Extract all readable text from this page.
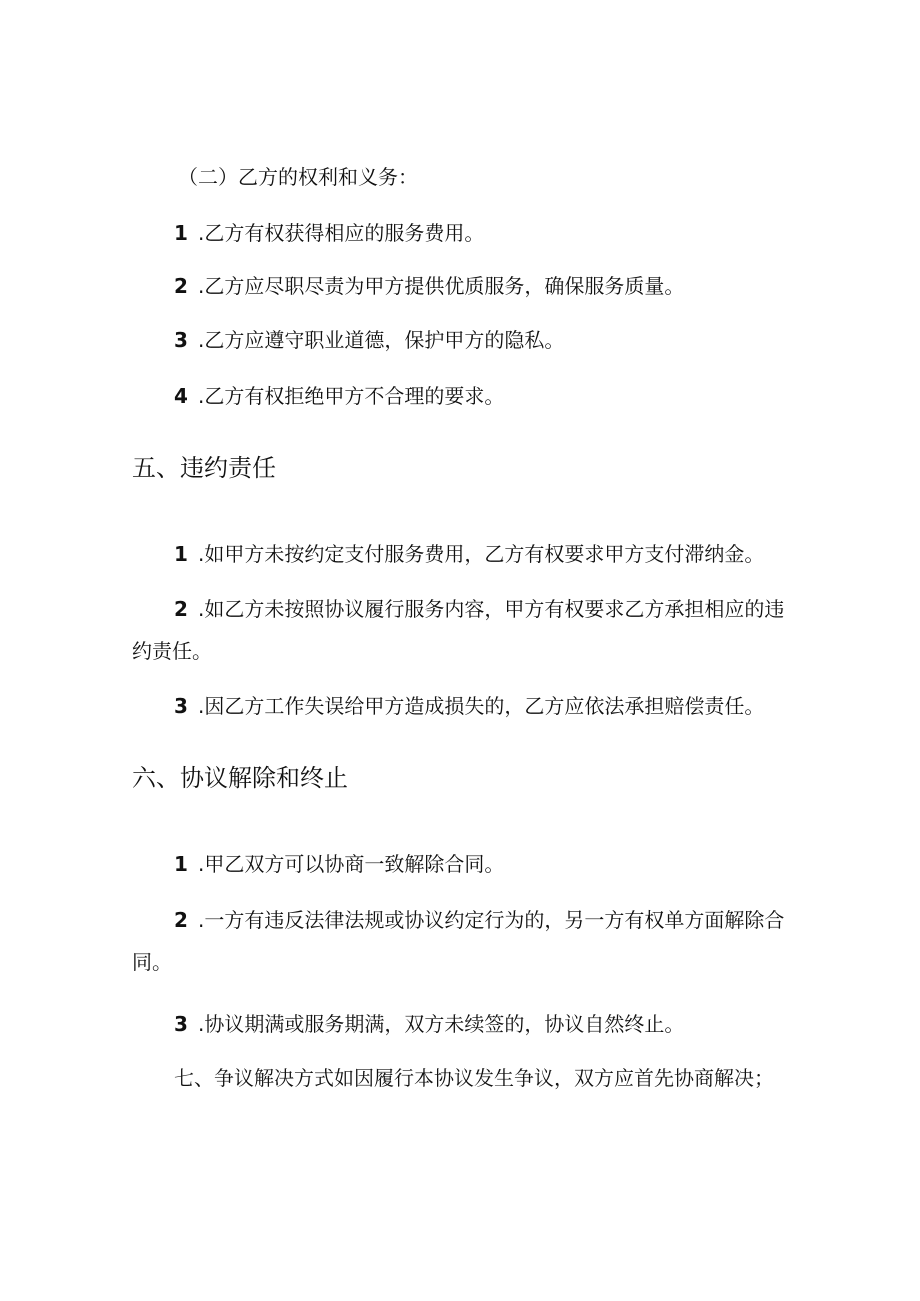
（二）乙方的权利和义务：
1 .乙方有权获得相应的服务费用。
2 .乙方应尽职尽责为甲方提供优质服务，确保服务质量。
3 .乙方应遵守职业道德，保护甲方的隐私。
4 .乙方有权拒绝甲方不合理的要求。
五、违约责任
1 .如甲方未按约定支付服务费用，乙方有权要求甲方支付滞纳金。
2 .如乙方未按照协议履行服务内容，甲方有权要求乙方承担相应的违
约责任。
3 .因乙方工作失误给甲方造成损失的，乙方应依法承担赔偿责任。
六、协议解除和终止
1 .甲乙双方可以协商一致解除合同。
2 .一方有违反法律法规或协议约定行为的，另一方有权单方面解除合
同。
3 .协议期满或服务期满，双方未续签的，协议自然终止。
七、争议解决方式如因履行本协议发生争议，双方应首先协商解决；
